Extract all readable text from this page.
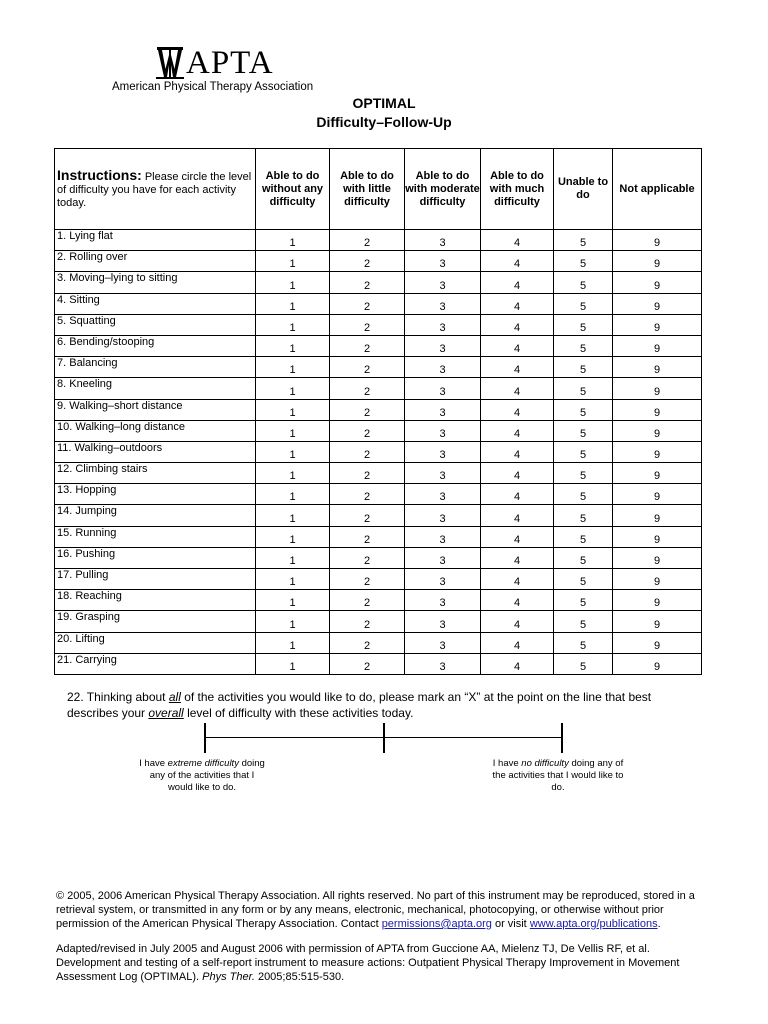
APTA
American Physical Therapy Association
OPTIMAL
Difficulty–Follow-Up
Instructions: Please circle the level of difficulty you have for each activity today.	Able to do without any difficulty	Able to do with little difficulty	Able to do with moderate difficulty	Able to do with much difficulty	Unable to do	Not applicable
1. Lying flat	1	2	3	4	5	9
2. Rolling over	1	2	3	4	5	9
3. Moving–lying to sitting	1	2	3	4	5	9
4. Sitting	1	2	3	4	5	9
5. Squatting	1	2	3	4	5	9
6. Bending/stooping	1	2	3	4	5	9
7. Balancing	1	2	3	4	5	9
8. Kneeling	1	2	3	4	5	9
9. Walking–short distance	1	2	3	4	5	9
10. Walking–long distance	1	2	3	4	5	9
11. Walking–outdoors	1	2	3	4	5	9
12. Climbing stairs	1	2	3	4	5	9
13. Hopping	1	2	3	4	5	9
14. Jumping	1	2	3	4	5	9
15. Running	1	2	3	4	5	9
16. Pushing	1	2	3	4	5	9
17. Pulling	1	2	3	4	5	9
18. Reaching	1	2	3	4	5	9
19. Grasping	1	2	3	4	5	9
20. Lifting	1	2	3	4	5	9
21. Carrying	1	2	3	4	5	9
22. Thinking about all of the activities you would like to do, please mark an “X” at the point on the line that best describes your overall level of difficulty with these activities today.
I have extreme difficulty doing any of the activities that I would like to do.
I have no difficulty doing any of the activities that I would like to do.
© 2005, 2006 American Physical Therapy Association. All rights reserved. No part of this instrument may be reproduced, stored in a retrieval system, or transmitted in any form or by any means, electronic, mechanical, photocopying, or otherwise without prior permission of the American Physical Therapy Association. Contact permissions@apta.org or visit www.apta.org/publications.
Adapted/revised in July 2005 and August 2006 with permission of APTA from Guccione AA, Mielenz TJ, De Vellis RF, et al. Development and testing of a self-report instrument to measure actions: Outpatient Physical Therapy Improvement in Movement Assessment Log (OPTIMAL). Phys Ther. 2005;85:515-530.
